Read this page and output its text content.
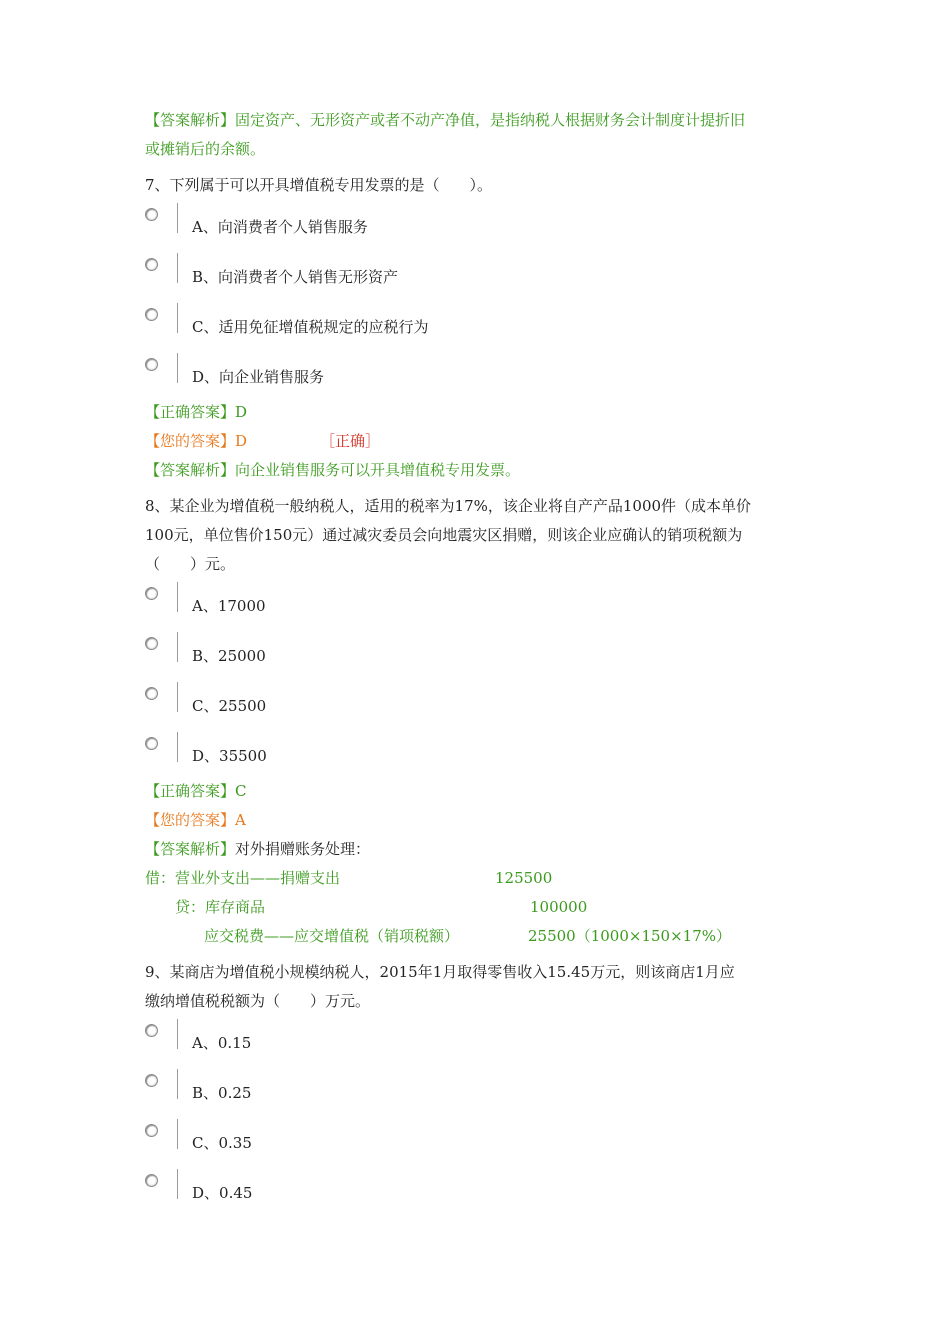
【答案解析】固定资产、无形资产或者不动产净值，是指纳税人根据财务会计制度计提折旧
或摊销后的余额。
7、下列属于可以开具增值税专用发票的是（　　）。
A、向消费者个人销售服务
B、向消费者个人销售无形资产
C、适用免征增值税规定的应税行为
D、向企业销售服务
【正确答案】D
【您的答案】D	［正确］
【答案解析】向企业销售服务可以开具增值税专用发票。
8、某企业为增值税一般纳税人，适用的税率为17%，该企业将自产产品1000件（成本单价
100元，单位售价150元）通过减灾委员会向地震灾区捐赠，则该企业应确认的销项税额为
（　　）元。
A、17000
B、25000
C、25500
D、35500
【正确答案】C
【您的答案】A
【答案解析】对外捐赠账务处理：
借：营业外支出——捐赠支出	125500
贷：库存商品	100000
应交税费——应交增值税（销项税额）	25500（1000×150×17%）
9、某商店为增值税小规模纳税人，2015年1月取得零售收入15.45万元，则该商店1月应
缴纳增值税税额为（　　）万元。
A、0.15
B、0.25
C、0.35
D、0.45
